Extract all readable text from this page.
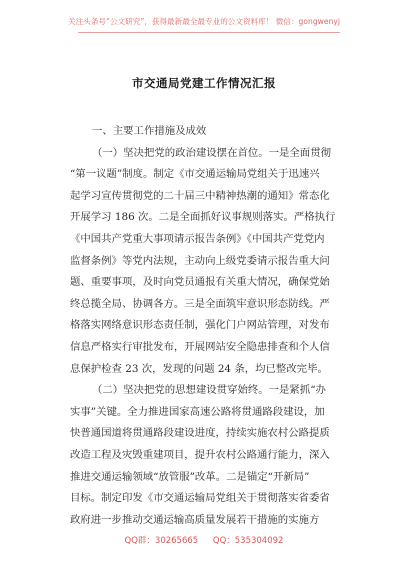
关注头条号“公文研究”，获得最新最全最专业的公文资料库！ 微信：gongwenyj
市交通局党建工作情况汇报
一、主要工作措施及成效
（一）坚决把党的政治建设摆在首位。一是全面贯彻
“第一议题”制度。制定《市交通运输局党组关于迅速兴
起学习宣传贯彻党的二十届三中精神热潮的通知》常态化
开展学习 186 次。二是全面抓好议事规则落实。严格执行
《中国共产党重大事项请示报告条例》《中国共产党党内
监督条例》等党内法规，主动向上级党委请示报告重大问
题、重要事项，及时向党员通报有关重大情况，确保党始
终总揽全局、协调各方。三是全面筑牢意识形态防线。严
格落实网络意识形态责任制，强化门户网站管理，对发布
信息严格实行审批发布，开展网站安全隐患排查和个人信
息保护检查 23 次，发现的问题 24 条，均已整改完毕。
（二）坚决把党的思想建设贯穿始终。一是紧抓“办
实事”关键。全力推进国家高速公路将贯通路段建设，加
快普通国道将贯通路段建设进度，持续实施农村公路提质
改造工程及灾毁重建项目，提升农村公路通行能力，深入
推进交通运输领域“放管服”改革。二是锚定“开新局”
目标。制定印发《市交通运输局党组关于贯彻落实省委省
政府进一步推动交通运输高质量发展若干措施的实施方
QQ群：30265665 QQ：535304092
